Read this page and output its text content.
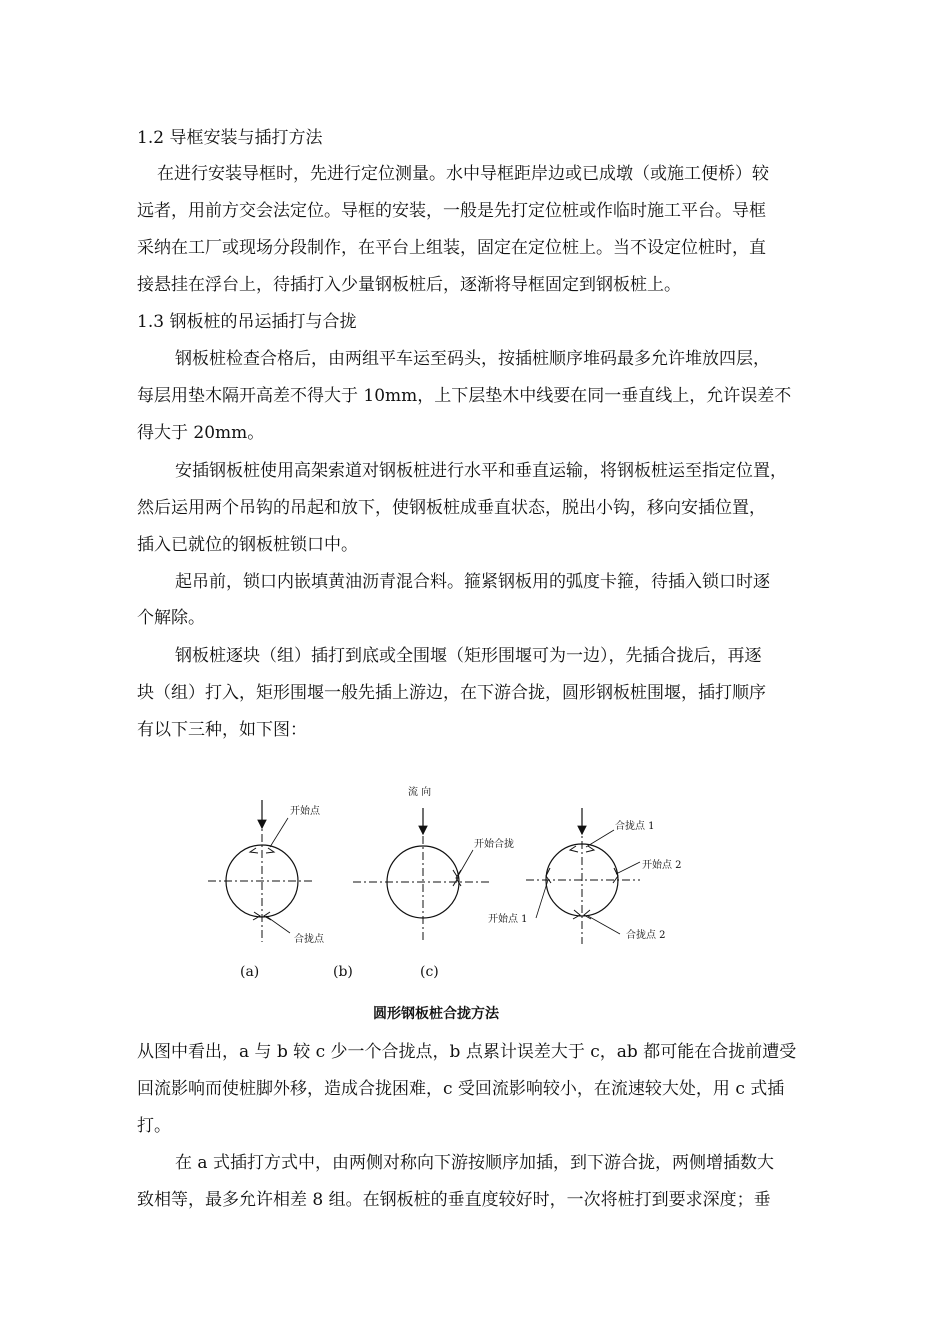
1.2 导框安装与插打方法
在进行安装导框时，先进行定位测量。水中导框距岸边或已成墩（或施工便桥）较
远者，用前方交会法定位。导框的安装，一般是先打定位桩或作临时施工平台。导框
采纳在工厂或现场分段制作，在平台上组装，固定在定位桩上。当不设定位桩时，直
接悬挂在浮台上，待插打入少量钢板桩后，逐渐将导框固定到钢板桩上。
1.3 钢板桩的吊运插打与合拢
钢板桩检查合格后，由两组平车运至码头，按插桩顺序堆码最多允许堆放四层，
每层用垫木隔开高差不得大于 10mm，上下层垫木中线要在同一垂直线上，允许误差不
得大于 20mm。
安插钢板桩使用高架索道对钢板桩进行水平和垂直运输，将钢板桩运至指定位置，
然后运用两个吊钩的吊起和放下，使钢板桩成垂直状态，脱出小钩，移向安插位置，
插入已就位的钢板桩锁口中。
起吊前，锁口内嵌填黄油沥青混合料。箍紧钢板用的弧度卡箍，待插入锁口时逐
个解除。
钢板桩逐块（组）插打到底或全围堰（矩形围堰可为一边），先插合拢后，再逐
块（组）打入，矩形围堰一般先插上游边，在下游合拢，圆形钢板桩围堰，插打顺序
有以下三种，如下图：
开始点
合拢点
流 向
开始合拢
合拢点 1
开始点 2
开始点 1
合拢点 2
(a)	(b)	(c)
圆形钢板桩合拢方法
从图中看出，a 与 b 较 c 少一个合拢点，b 点累计误差大于 c，ab 都可能在合拢前遭受
回流影响而使桩脚外移，造成合拢困难，c 受回流影响较小，在流速较大处，用 c 式插
打。
在 a 式插打方式中，由两侧对称向下游按顺序加插，到下游合拢，两侧增插数大
致相等，最多允许相差 8 组。在钢板桩的垂直度较好时，一次将桩打到要求深度；垂
